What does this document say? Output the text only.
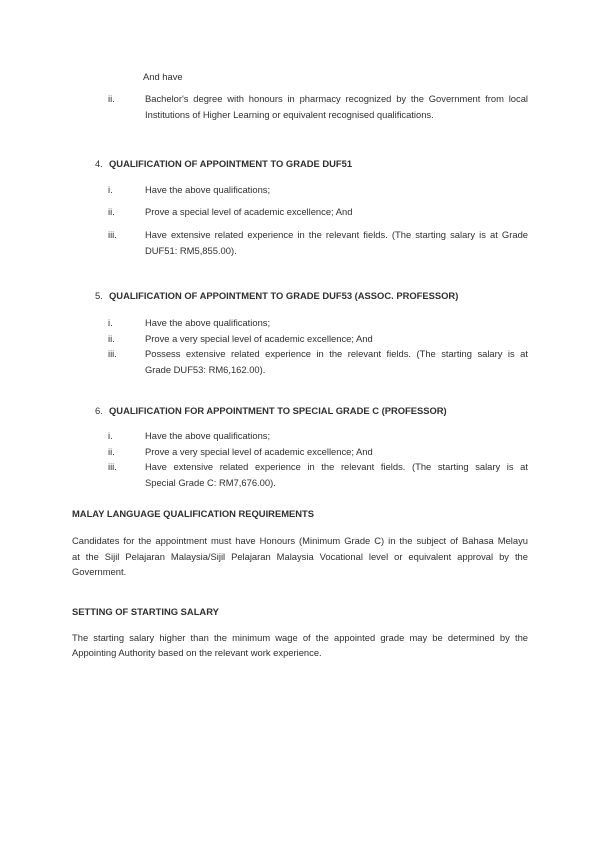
And have
ii.	Bachelor's degree with honours in pharmacy recognized by the Government from local
Institutions of Higher Learning or equivalent recognised qualifications.
4. QUALIFICATION OF APPOINTMENT TO GRADE DUF51
i.	Have the above qualifications;
ii.	Prove a special level of academic excellence; And
iii.	Have extensive related experience in the relevant fields. (The starting salary is at Grade
DUF51: RM5,855.00).
5. QUALIFICATION OF APPOINTMENT TO GRADE DUF53 (ASSOC. PROFESSOR)
i.	Have the above qualifications;
ii.	Prove a very special level of academic excellence; And
iii.	Possess extensive related experience in the relevant fields. (The starting salary is at
Grade DUF53: RM6,162.00).
6. QUALIFICATION FOR APPOINTMENT TO SPECIAL GRADE C (PROFESSOR)
i.	Have the above qualifications;
ii.	Prove a very special level of academic excellence; And
iii.	Have extensive related experience in the relevant fields. (The starting salary is at
Special Grade C: RM7,676.00).
MALAY LANGUAGE QUALIFICATION REQUIREMENTS
Candidates for the appointment must have Honours (Minimum Grade C) in the subject of Bahasa Melayu
at the Sijil Pelajaran Malaysia/Sijil Pelajaran Malaysia Vocational level or equivalent approval by the
Government.
SETTING OF STARTING SALARY
The starting salary higher than the minimum wage of the appointed grade may be determined by the
Appointing Authority based on the relevant work experience.
